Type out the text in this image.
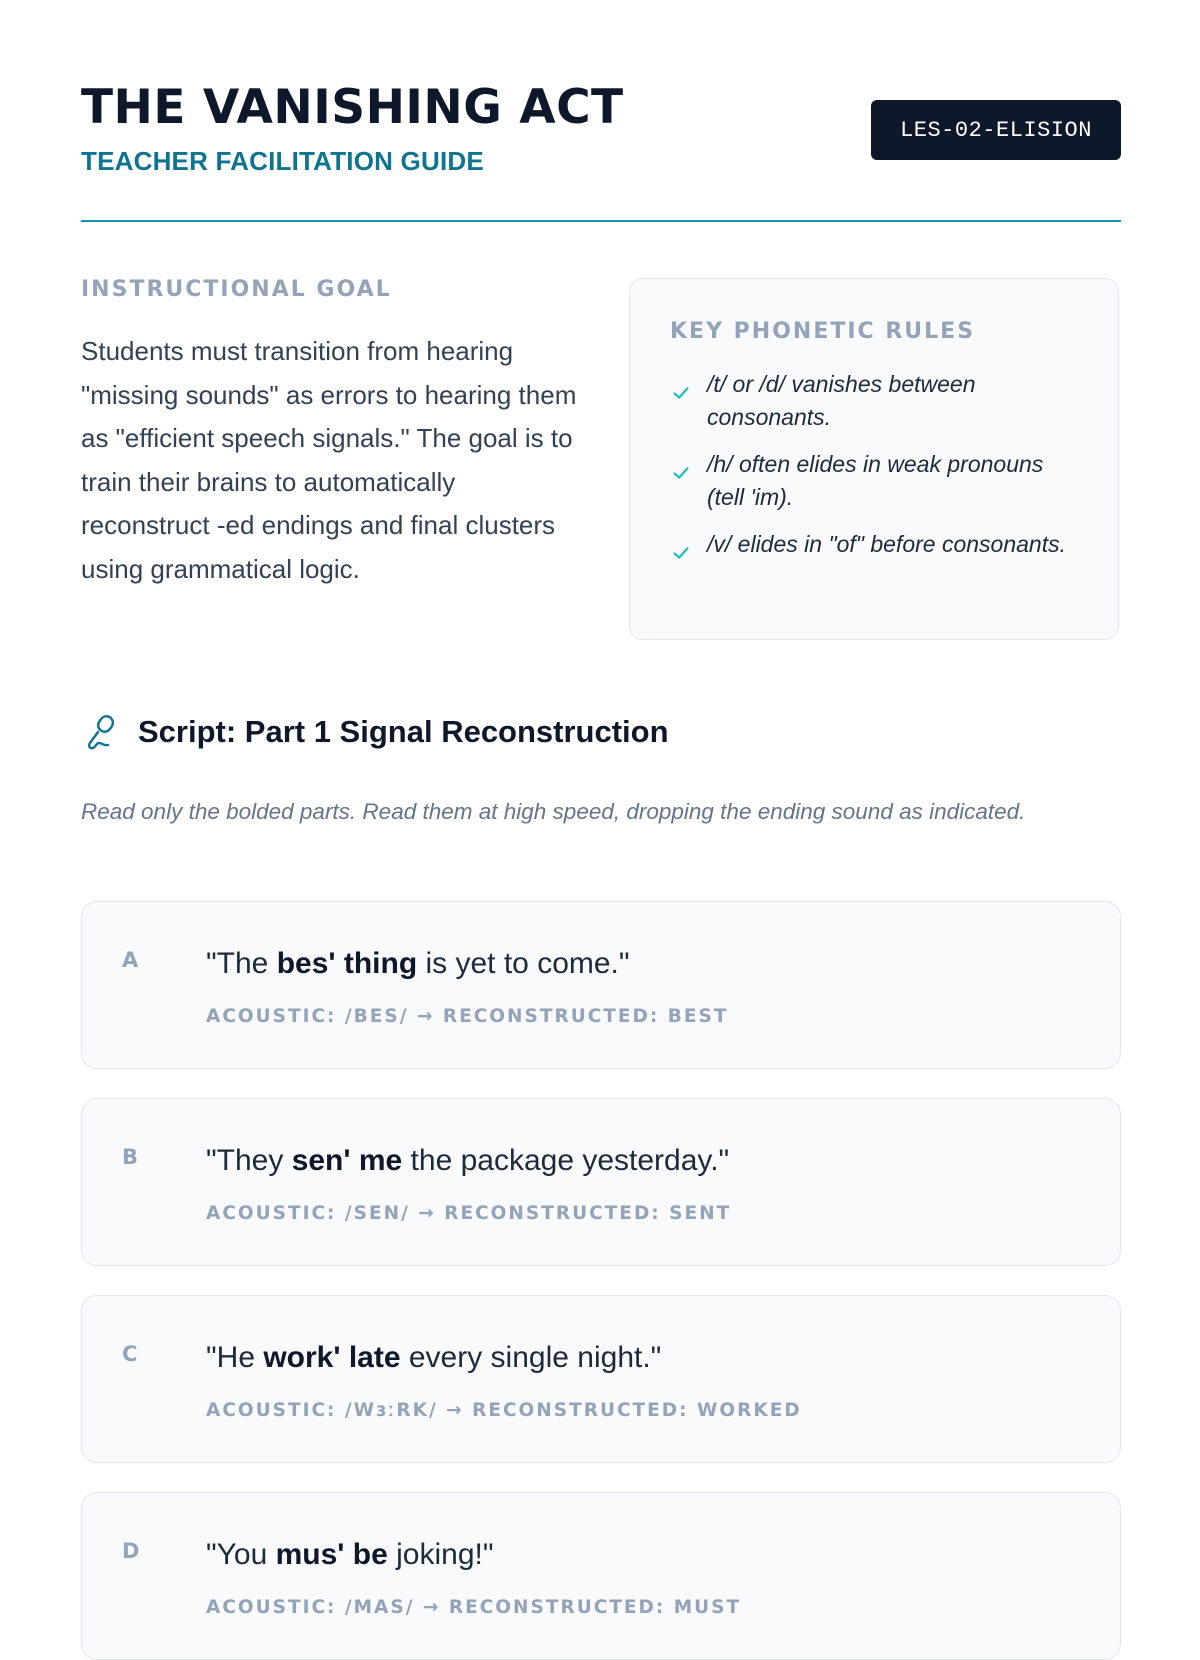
THE VANISHING ACT
TEACHER FACILITATION GUIDE
LES-02-ELISION
INSTRUCTIONAL GOAL
Students must transition from hearing "missing sounds" as errors to hearing them as "efficient speech signals." The goal is to train their brains to automatically reconstruct -ed endings and final clusters using grammatical logic.
KEY PHONETIC RULES
/t/ or /d/ vanishes between consonants.
/h/ often elides in weak pronouns (tell 'im).
/v/ elides in "of" before consonants.
Script: Part 1 Signal Reconstruction
Read only the bolded parts. Read them at high speed, dropping the ending sound as indicated.
A "The bes' thing is yet to come."
ACOUSTIC: /BES/ → RECONSTRUCTED: BEST
B "They sen' me the package yesterday."
ACOUSTIC: /SEN/ → RECONSTRUCTED: SENT
C "He work' late every single night."
ACOUSTIC: /WɜːRK/ → RECONSTRUCTED: WORKED
D "You mus' be joking!"
ACOUSTIC: /MAS/ → RECONSTRUCTED: MUST
